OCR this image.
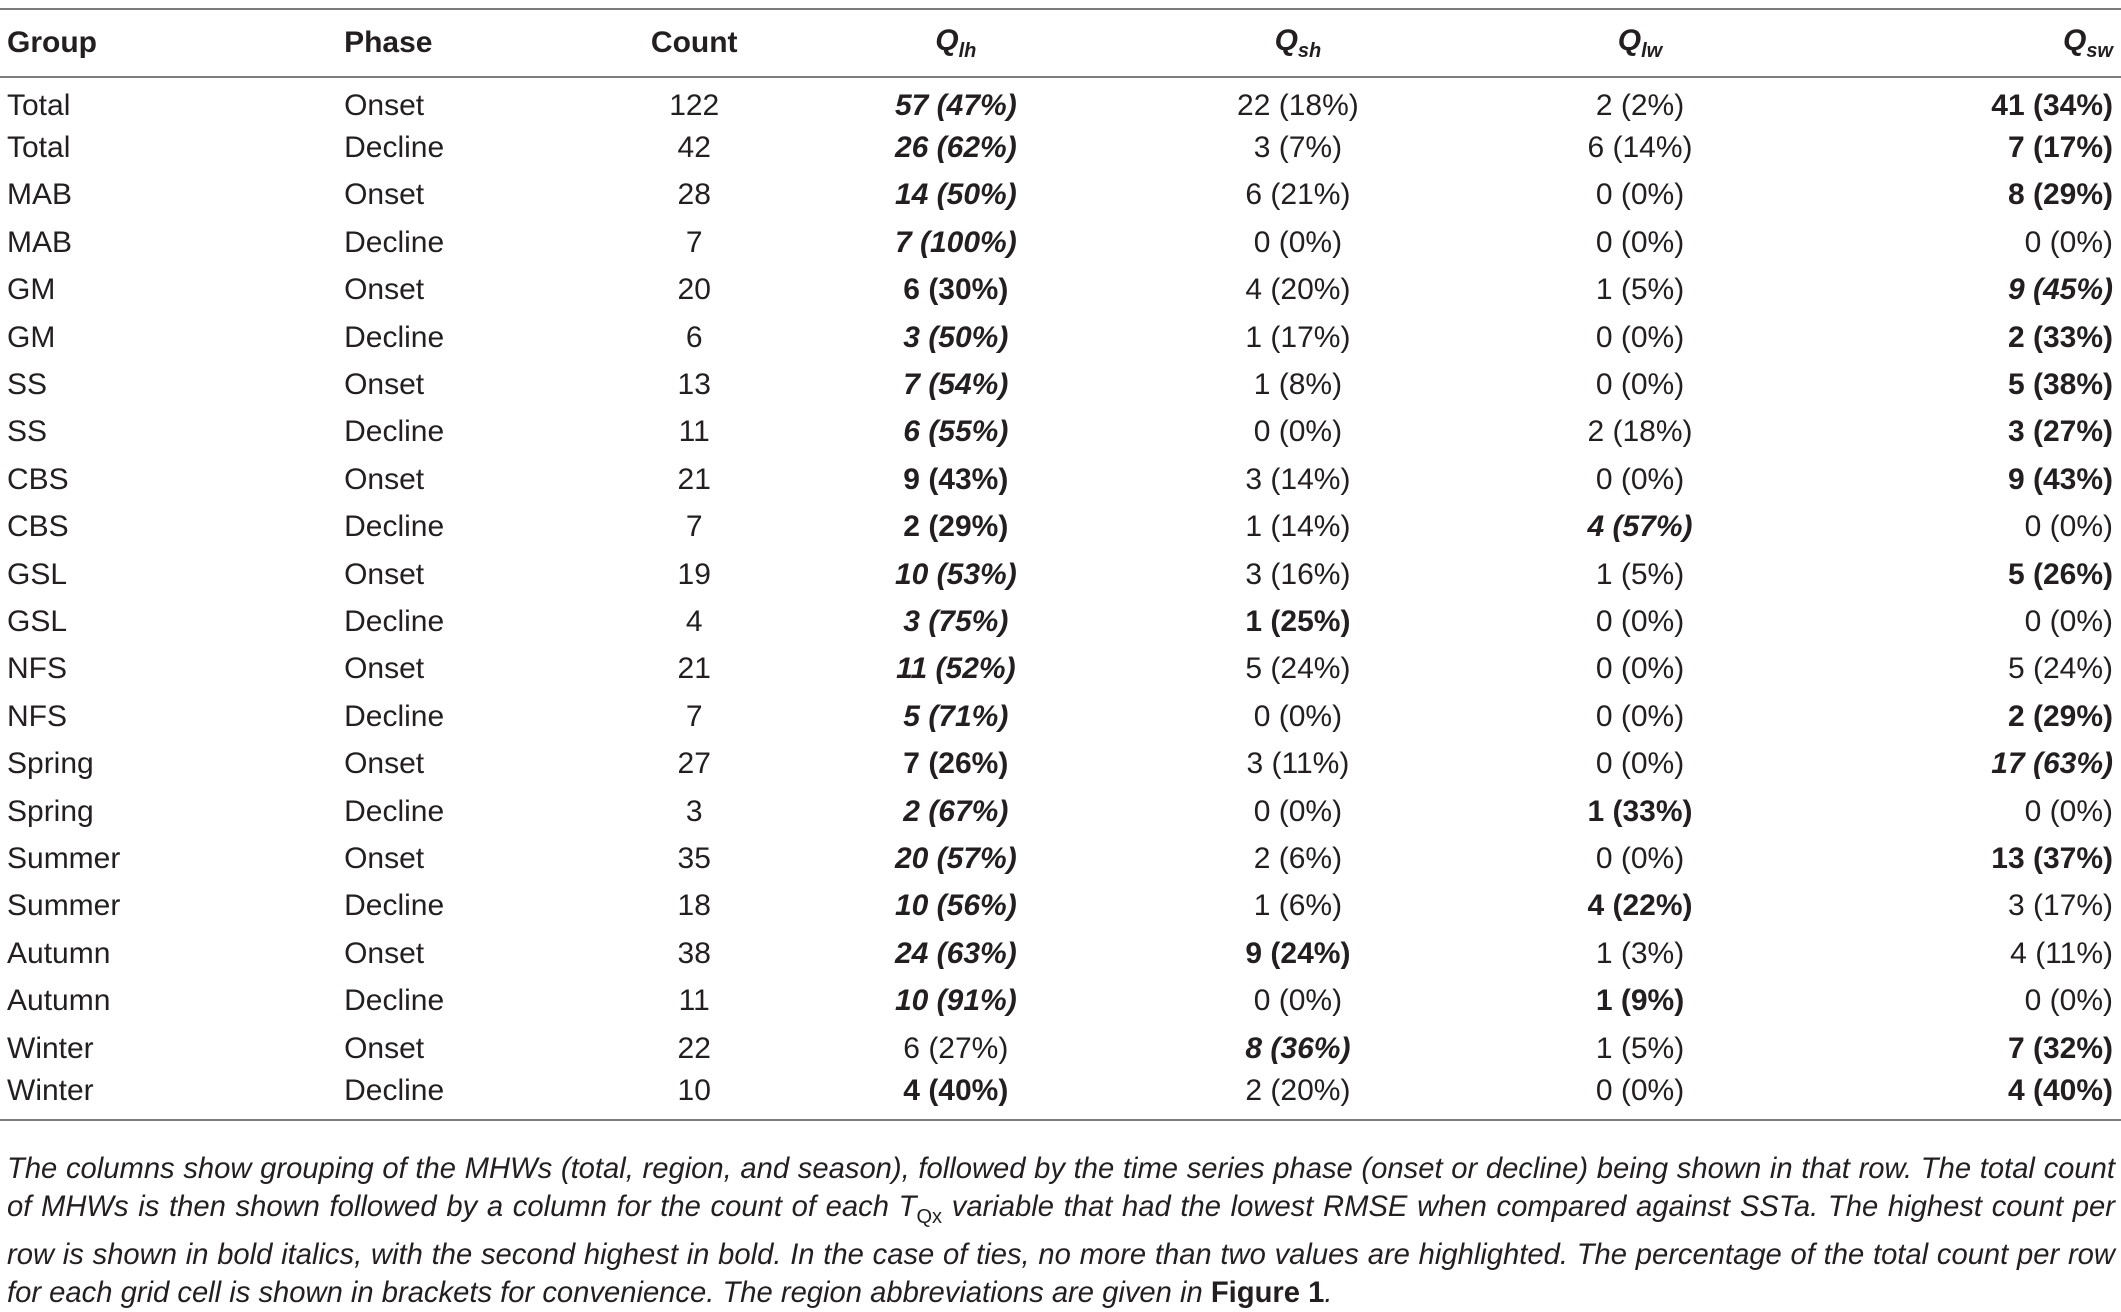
Group	Phase	Count	$Q_{lh}$	$Q_{sh}$	$Q_{lw}$	$Q_{sw}$
Total	Onset	122	57 (47%)	22 (18%)	2 (2%)	41 (34%)
Total	Decline	42	26 (62%)	3 (7%)	6 (14%)	7 (17%)
MAB	Onset	28	14 (50%)	6 (21%)	0 (0%)	8 (29%)
MAB	Decline	7	7 (100%)	0 (0%)	0 (0%)	0 (0%)
GM	Onset	20	6 (30%)	4 (20%)	1 (5%)	9 (45%)
GM	Decline	6	3 (50%)	1 (17%)	0 (0%)	2 (33%)
SS	Onset	13	7 (54%)	1 (8%)	0 (0%)	5 (38%)
SS	Decline	11	6 (55%)	0 (0%)	2 (18%)	3 (27%)
CBS	Onset	21	9 (43%)	3 (14%)	0 (0%)	9 (43%)
CBS	Decline	7	2 (29%)	1 (14%)	4 (57%)	0 (0%)
GSL	Onset	19	10 (53%)	3 (16%)	1 (5%)	5 (26%)
GSL	Decline	4	3 (75%)	1 (25%)	0 (0%)	0 (0%)
NFS	Onset	21	11 (52%)	5 (24%)	0 (0%)	5 (24%)
NFS	Decline	7	5 (71%)	0 (0%)	0 (0%)	2 (29%)
Spring	Onset	27	7 (26%)	3 (11%)	0 (0%)	17 (63%)
Spring	Decline	3	2 (67%)	0 (0%)	1 (33%)	0 (0%)
Summer	Onset	35	20 (57%)	2 (6%)	0 (0%)	13 (37%)
Summer	Decline	18	10 (56%)	1 (6%)	4 (22%)	3 (17%)
Autumn	Onset	38	24 (63%)	9 (24%)	1 (3%)	4 (11%)
Autumn	Decline	11	10 (91%)	0 (0%)	1 (9%)	0 (0%)
Winter	Onset	22	6 (27%)	8 (36%)	1 (5%)	7 (32%)
Winter	Decline	10	4 (40%)	2 (20%)	0 (0%)	4 (40%)

The columns show grouping of the MHWs (total, region, and season), followed by the time series phase (onset or decline) being shown in that row. The total count of MHWs is then shown followed by a column for the count of each $T_{Qx}$ variable that had the lowest RMSE when compared against SSTa. The highest count per row is shown in bold italics, with the second highest in bold. In the case of ties, no more than two values are highlighted. The percentage of the total count per row for each grid cell is shown in brackets for convenience. The region abbreviations are given in Figure 1.
